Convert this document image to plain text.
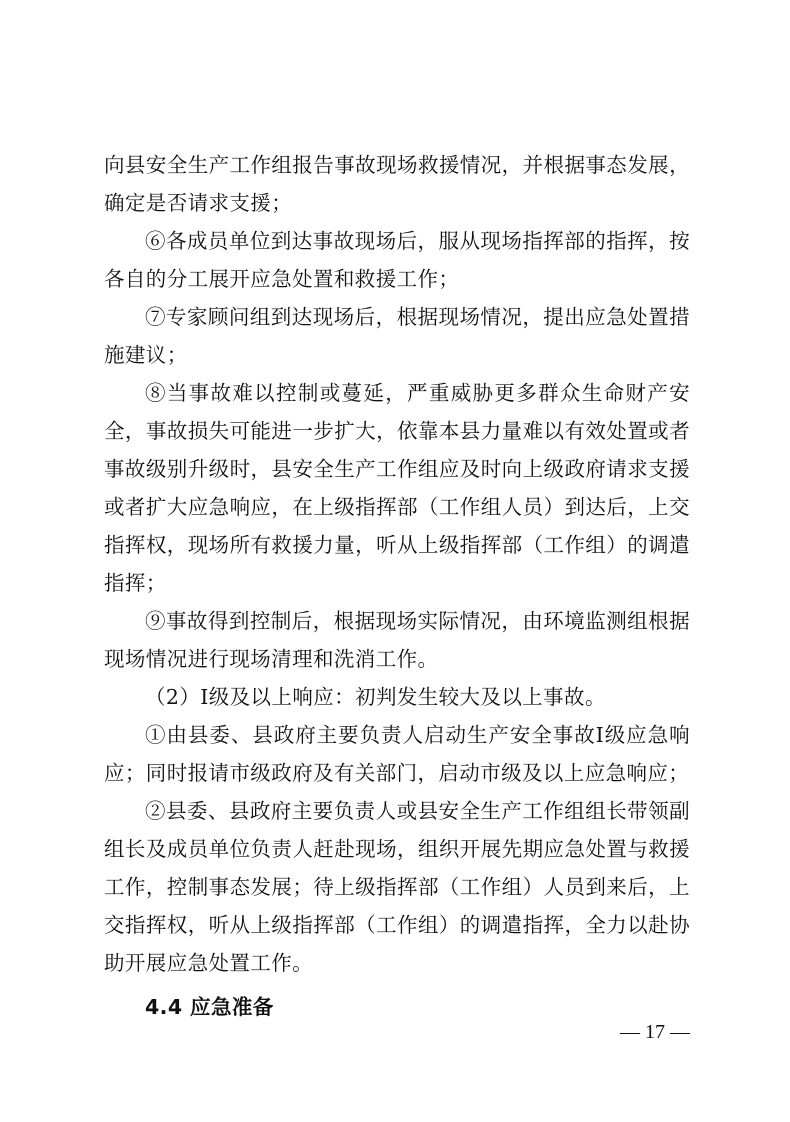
向县安全生产工作组报告事故现场救援情况，并根据事态发展，确定是否请求支援；

⑥各成员单位到达事故现场后，服从现场指挥部的指挥，按各自的分工展开应急处置和救援工作；

⑦专家顾问组到达现场后，根据现场情况，提出应急处置措施建议；

⑧当事故难以控制或蔓延，严重威胁更多群众生命财产安全，事故损失可能进一步扩大，依靠本县力量难以有效处置或者事故级别升级时，县安全生产工作组应及时向上级政府请求支援或者扩大应急响应，在上级指挥部（工作组人员）到达后，上交指挥权，现场所有救援力量，听从上级指挥部（工作组）的调遣指挥；

⑨事故得到控制后，根据现场实际情况，由环境监测组根据现场情况进行现场清理和洗消工作。

（2）Ⅰ级及以上响应：初判发生较大及以上事故。

①由县委、县政府主要负责人启动生产安全事故Ⅰ级应急响应；同时报请市级政府及有关部门，启动市级及以上应急响应；

②县委、县政府主要负责人或县安全生产工作组组长带领副组长及成员单位负责人赶赴现场，组织开展先期应急处置与救援工作，控制事态发展；待上级指挥部（工作组）人员到来后，上交指挥权，听从上级指挥部（工作组）的调遣指挥，全力以赴协助开展应急处置工作。

4.4 应急准备
— 17 —
